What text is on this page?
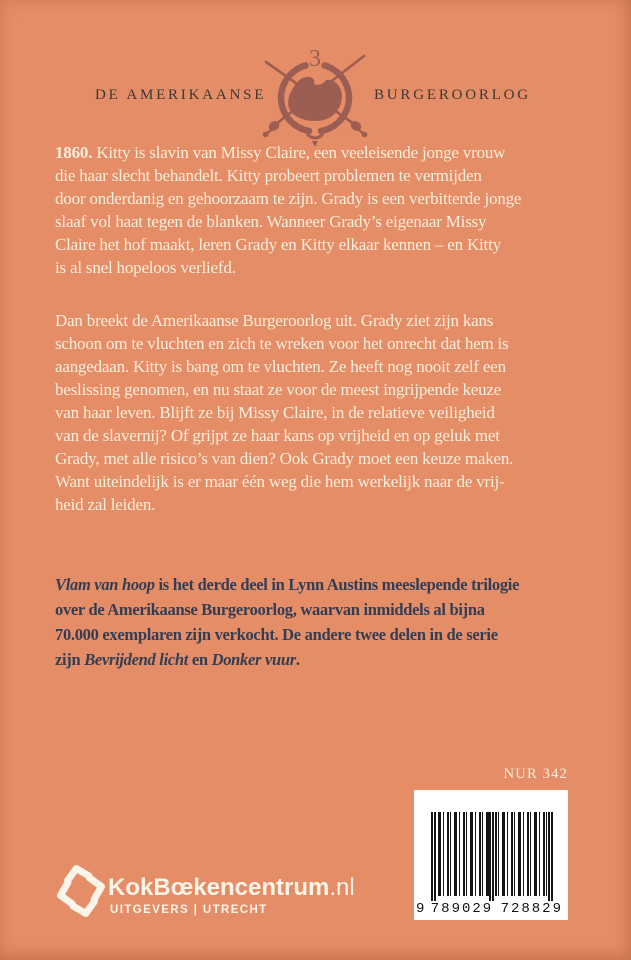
DE AMERIKAANSE
3
BURGEROORLOG
1860. Kitty is slavin van Missy Claire, een veeleisende jonge vrouw
die haar slecht behandelt. Kitty probeert problemen te vermijden
door onderdanig en gehoorzaam te zijn. Grady is een verbitterde jonge
slaaf vol haat tegen de blanken. Wanneer Grady’s eigenaar Missy
Claire het hof maakt, leren Grady en Kitty elkaar kennen – en Kitty
is al snel hopeloos verliefd.
Dan breekt de Amerikaanse Burgeroorlog uit. Grady ziet zijn kans
schoon om te vluchten en zich te wreken voor het onrecht dat hem is
aangedaan. Kitty is bang om te vluchten. Ze heeft nog nooit zelf een
beslissing genomen, en nu staat ze voor de meest ingrijpende keuze
van haar leven. Blijft ze bij Missy Claire, in de relatieve veiligheid
van de slavernij? Of grijpt ze haar kans op vrijheid en op geluk met
Grady, met alle risico’s van dien? Ook Grady moet een keuze maken.
Want uiteindelijk is er maar één weg die hem werkelijk naar de vrij-
heid zal leiden.
Vlam van hoop is het derde deel in Lynn Austins meeslepende trilogie
over de Amerikaanse Burgeroorlog, waarvan inmiddels al bijna
70.000 exemplaren zijn verkocht. De andere twee delen in de serie
zijn Bevrijdend licht en Donker vuur.
NUR 342
9 789029 728829
KokBœkencentrum.nl
UITGEVERS | UTRECHT
